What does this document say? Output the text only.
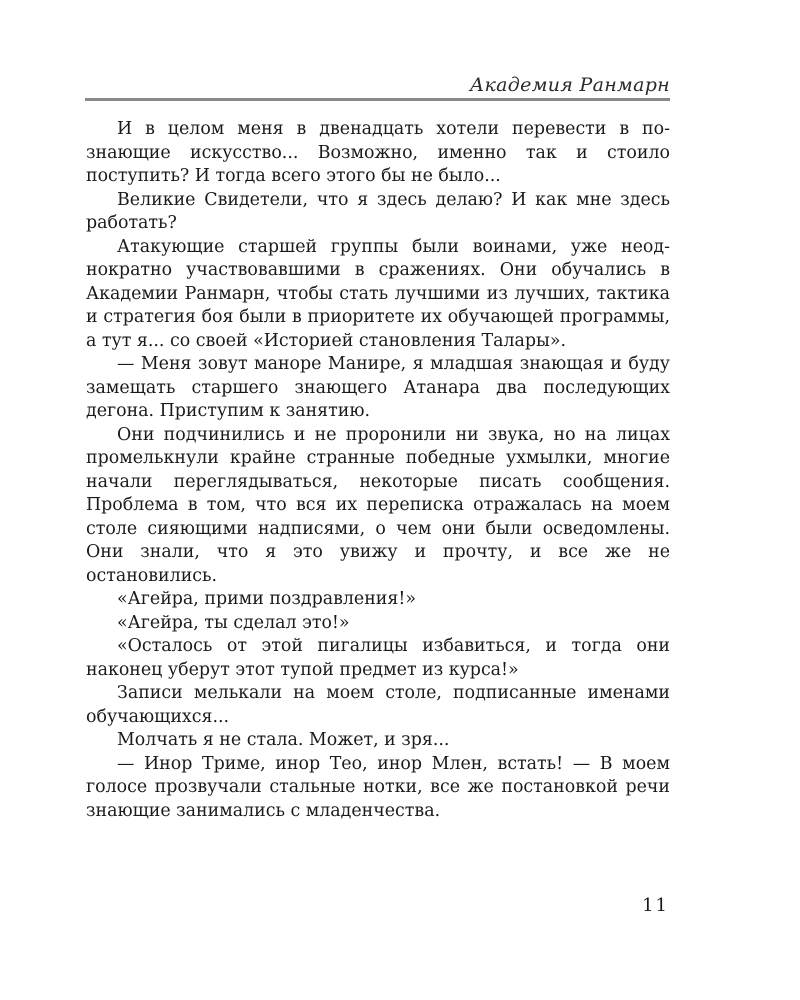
Академия Ранмарн

И в целом меня в двенадцать хотели перевести в познающие искусство... Возможно, именно так и стоило поступить? И тогда всего этого бы не было...

Великие Свидетели, что я здесь делаю? И как мне здесь работать?

Атакующие старшей группы были воинами, уже неоднократно участвовавшими в сражениях. Они обучались в Академии Ранмарн, чтобы стать лучшими из лучших, тактика и стратегия боя были в приоритете их обучающей программы, а тут я... со своей «Историей становления Талары».

— Меня зовут маноре Манире, я младшая знающая и буду замещать старшего знающего Атанара два последующих дегона. Приступим к занятию.

Они подчинились и не проронили ни звука, но на лицах промелькнули крайне странные победные ухмылки, многие начали переглядываться, некоторые писать сообщения. Проблема в том, что вся их переписка отражалась на моем столе сияющими надписями, о чем они были осведомлены. Они знали, что я это увижу и прочту, и все же не остановились.

«Агейра, прими поздравления!»

«Агейра, ты сделал это!»

«Осталось от этой пигалицы избавиться, и тогда они наконец уберут этот тупой предмет из курса!»

Записи мелькали на моем столе, подписанные именами обучающихся...

Молчать я не стала. Может, и зря...

— Инор Триме, инор Тео, инор Млен, встать! — В моем голосе прозвучали стальные нотки, все же постановкой речи знающие занимались с младенчества.

11
